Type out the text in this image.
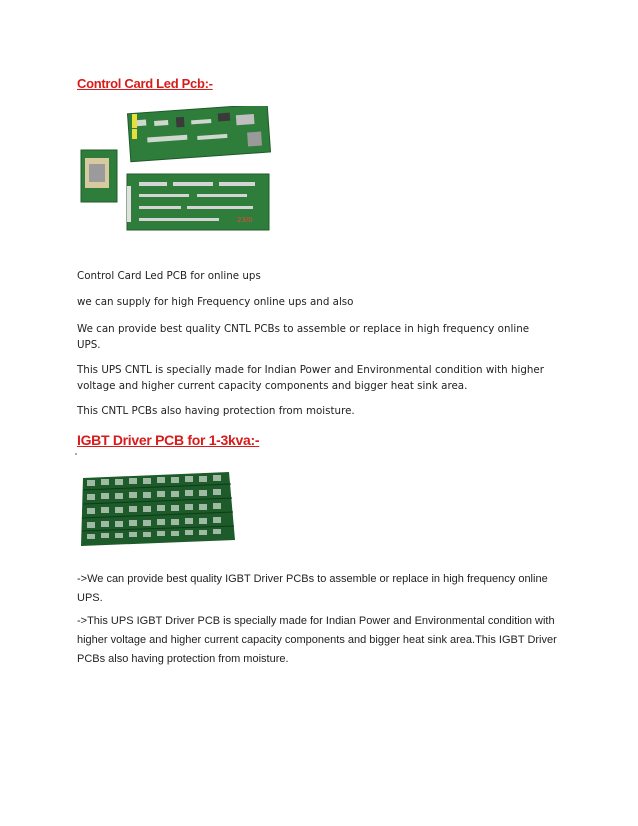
Control Card Led Pcb:-
23/0
Control Card Led PCB for online ups
we can supply for high Frequency online ups and also
We can provide best quality CNTL PCBs to assemble or replace in high frequency online UPS.
This UPS CNTL is specially made for Indian Power and Environmental condition with higher voltage and higher current capacity components and bigger heat sink area.
This CNTL PCBs also having protection from moisture.
IGBT Driver PCB for 1-3kva:-
->We can provide best quality IGBT Driver PCBs to assemble or replace in high frequency online UPS.
->This UPS IGBT Driver PCB is specially made for Indian Power and Environmental condition with higher voltage and higher current capacity components and bigger heat sink area.This IGBT Driver PCBs also having protection from moisture.
